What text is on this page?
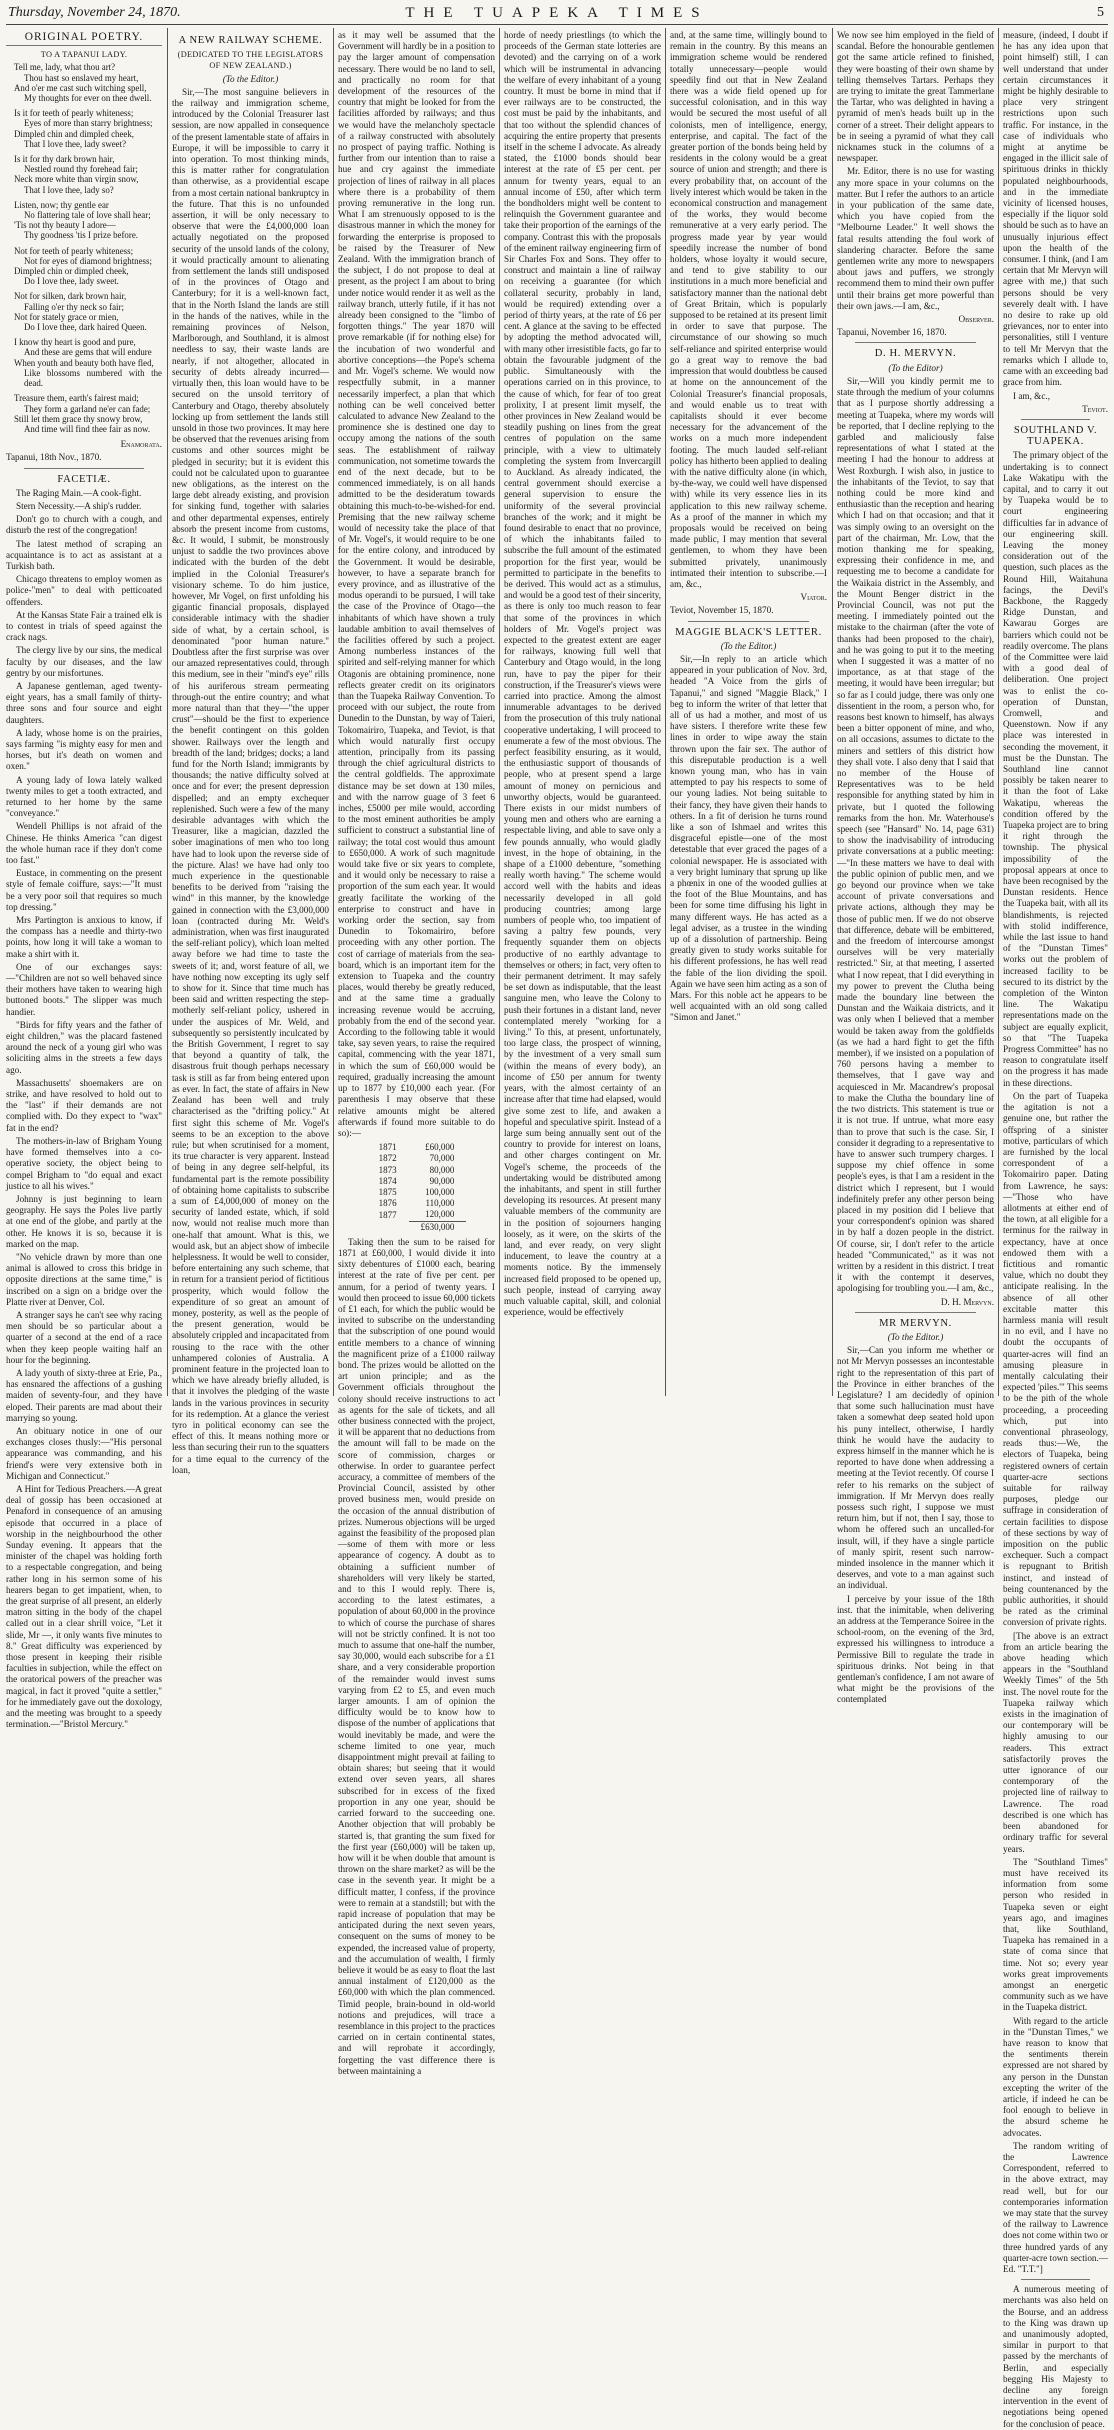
Thursday, November 24, 1870.	THE TUAPEKA TIMES	5
ORIGINAL POETRY.

TO A TAPANUI LADY.

Tell me, lady, what thou art?
Thou hast so enslaved my heart,
And o'er me cast such witching spell,
My thoughts for ever on thee dwell.
Is it for teeth of pearly whiteness;
Eyes of more than starry brightness;
Dimpled chin and dimpled cheek,
That I love thee, lady sweet?
Is it for thy dark brown hair,
Nestled round thy forehead fair;
Neck more white than virgin snow,
That I love thee, lady so?
Listen, now; thy gentle ear
No flattering tale of love shall hear;
'Tis not thy beauty I adore—
Thy goodness 'tis I prize before.
Not for teeth of pearly whiteness;
Not for eyes of diamond brightness;
Dimpled chin or dimpled cheek,
Do I love thee, lady sweet.
Not for silken, dark brown hair,
Falling o'er thy neck so fair;
Not for stately grace or mien,
Do I love thee, dark haired Queen.
I know thy heart is good and pure,
And these are gems that will endure
When youth and beauty both have fled,
Like blossoms numbered with the dead.
Treasure them, earth's fairest maid;
They form a garland ne'er can fade;
Still let them grace thy snowy brow,
And time will find thee fair as now.

Enamorata.

Tapanui, 18th Nov., 1870.

FACETIÆ.

The Raging Main.—A cook-fight.

Stern Necessity.—A ship's rudder.

Don't go to church with a cough, and disturb the rest of the congregation!

The latest method of scraping an acquaintance is to act as assistant at a Turkish bath.

Chicago threatens to employ women as police-"men" to deal with petticoated offenders.

At the Kansas State Fair a trained elk is to contest in trials of speed against the crack nags.

The clergy live by our sins, the medical faculty by our diseases, and the law gentry by our misfortunes.

A Japanese gentleman, aged twenty-eight years, has a small family of thirty-three sons and four source and eight daughters.

A lady, whose home is on the prairies, says farming "is mighty easy for men and horses, but it's death on women and oxen."

A young lady of Iowa lately walked twenty miles to get a tooth extracted, and returned to her home by the same "conveyance."

Wendell Phillips is not afraid of the Chinese. He thinks America "can digest the whole human race if they don't come too fast."

Eustace, in commenting on the present style of female coiffure, says:—"It must be a very poor soil that requires so much top dressing."

Mrs Partington is anxious to know, if the compass has a needle and thirty-two points, how long it will take a woman to make a shirt with it.

One of our exchanges says:—"Children are not so well behaved since their mothers have taken to wearing high buttoned boots." The slipper was much handier.

"Birds for fifty years and the father of eight children," was the placard fastened around the neck of a young girl who was soliciting alms in the streets a few days ago.

Massachusetts' shoemakers are on strike, and have resolved to hold out to the "last" if their demands are not complied with. Do they expect to "wax" fat in the end?

The mothers-in-law of Brigham Young have formed themselves into a co-operative society, the object being to compel Brigham to "do equal and exact justice to all his wives."

Johnny is just beginning to learn geography. He says the Poles live partly at one end of the globe, and partly at the other. He knows it is so, because it is marked on the map.

"No vehicle drawn by more than one animal is allowed to cross this bridge in opposite directions at the same time," is inscribed on a sign on a bridge over the Platte river at Denver, Col.

A stranger says he can't see why racing men should be so particular about a quarter of a second at the end of a race when they keep people waiting half an hour for the beginning.

A lady youth of sixty-three at Erie, Pa., has ensnared the affections of a gushing maiden of seventy-four, and they have eloped. Their parents are mad about their marrying so young.

An obituary notice in one of our exchanges closes thusly:—"His personal appearance was commanding, and his friend's were very extensive both in Michigan and Connecticut."

A Hint for Tedious Preachers.—A great deal of gossip has been occasioned at Penaford in consequence of an amusing episode that occurred in a place of worship in the neighbourhood the other Sunday evening. It appears that the minister of the chapel was holding forth to a respectable congregation, and being rather long in his sermon some of his hearers began to get impatient, when, to the great surprise of all present, an elderly matron sitting in the body of the chapel called out in a clear shrill voice, "Let it slide, Mr —, it only wants five minutes to 8." Great difficulty was experienced by those present in keeping their risible faculties in subjection, while the effect on the oratorical powers of the preacher was magical, in fact it proved "quite a settler," for he immediately gave out the doxology, and the meeting was brought to a speedy termination.—"Bristol Mercury."

A NEW RAILWAY SCHEME.

(DEDICATED TO THE LEGISLATORS OF NEW ZEALAND.)

(To the Editor.)

Sir,—The most sanguine believers in the railway and immigration scheme, introduced by the Colonial Treasurer last session, are now appalled in consequence of the present lamentable state of affairs in Europe, it will be impossible to carry it into operation. To most thinking minds, this is matter rather for congratulation than otherwise, as a providential escape from a most certain national bankruptcy in the future. That this is no unfounded assertion, it will be only necessary to observe that were the £4,000,000 loan actually negotiated on the proposed security of the unsold lands of the colony, it would practically amount to alienating from settlement the lands still undisposed of in the provinces of Otago and Canterbury; for it is a well-known fact, that in the North Island the lands are still in the hands of the natives, while in the remaining provinces of Nelson, Marlborough, and Southland, it is almost needless to say, their waste lands are nearly, if not altogether, allocated in security of debts already incurred—virtually then, this loan would have to be secured on the unsold territory of Canterbury and Otago, thereby absolutely locking up from settlement the lands still unsold in those two provinces. It may here be observed that the revenues arising from customs and other sources might be pledged in security; but it is evident this could not be calculated upon to guarantee new obligations, as the interest on the large debt already existing, and provision for sinking fund, together with salaries and other departmental expenses, entirely absorb the present income from customs, &c. It would, I submit, be monstrously unjust to saddle the two provinces above indicated with the burden of the debt implied in the Colonial Treasurer's visionary scheme. To do him justice, however, Mr Vogel, on first unfolding his gigantic financial proposals, displayed considerable intimacy with the shadier side of what, by a certain school, is denominated "poor human nature." Doubtless after the first surprise was over our amazed representatives could, through this medium, see in their "mind's eye" rills of his auriferous stream permeating through-out the entire country; and what more natural than that they—"the upper crust"—should be the first to experience the benefit contingent on this golden shower. Railways over the length and breadth of the land; bridges; docks; a land fund for the North Island; immigrants by thousands; the native difficulty solved at once and for ever; the present depression dispelled; and an empty exchequer replenished. Such were a few of the many desirable advantages with which the Treasurer, like a magician, dazzled the sober imaginations of men who too long have had to look upon the reverse side of the picture. Alas! we have had only too much experience in the questionable benefits to be derived from "raising the wind" in this manner, by the knowledge gained in connection with the £3,000,000 loan (contracted during Mr. Weld's administration, when was first inaugurated the self-reliant policy), which loan melted away before we had time to taste the sweets of it; and, worst feature of all, we have nothing now excepting its ugly self to show for it. Since that time much has been said and written respecting the step-motherly self-reliant policy, ushered in under the auspices of Mr. Weld, and subsequently so persistently inculcated by the British Government, I regret to say that beyond a quantity of talk, the disastrous fruit though perhaps necessary task is still as far from being entered upon as ever. In fact, the state of affairs in New Zealand has been well and truly characterised as the "drifting policy." At first sight this scheme of Mr. Vogel's seems to be an exception to the above rule; but when scrutinised for a moment, its true character is very apparent. Instead of being in any degree self-helpful, its fundamental part is the remote possibility of obtaining home capitalists to subscribe a sum of £4,000,000 of money on the security of landed estate, which, if sold now, would not realise much more than one-half that amount. What is this, we would ask, but an abject show of imbecile helplessness. It would be well to consider, before entertaining any such scheme, that in return for a transient period of fictitious prosperity, which would follow the expenditure of so great an amount of money, posterity, as well as the people of the present generation, would be absolutely crippled and incapacitated from rousing to the race with the other unhampered colonies of Australia. A prominent feature in the projected loan to which we have already briefly alluded, is that it involves the pledging of the waste lands in the various provinces in security for its redemption. At a glance the veriest tyro in political economy can see the effect of this. It means nothing more or less than securing their run to the squatters for a time equal to the currency of the loan,

as it may well be assumed that the Government will hardly be in a position to pay the larger amount of compensation necessary. There would be no land to sell, and practically no room for that development of the resources of the country that might be looked for from the facilities afforded by railways; and thus we would have the melancholy spectacle of a railway constructed with absolutely no prospect of paying traffic. Nothing is further from our intention than to raise a hue and cry against the immediate projection of lines of railway in all places where there is a probability of them proving remunerative in the long run. What I am strenuously opposed to is the disastrous manner in which the money for forwarding the enterprise is proposed to be raised by the Treasurer of New Zealand. With the immigration branch of the subject, I do not propose to deal at present, as the project I am about to bring under notice would render it as well as the railway branch, utterly futile, if it has not already been consigned to the "limbo of forgotten things." The year 1870 will prove remarkable (if for nothing else) for the incubation of two wonderful and abortive conceptions—the Pope's schema and Mr. Vogel's scheme. We would now respectfully submit, in a manner necessarily imperfect, a plan that which nothing can be well conceived better calculated to advance New Zealand to the prominence she is destined one day to occupy among the nations of the south seas. The establishment of railway communication, not sometime towards the end of the next decade, but to be commenced immediately, is on all hands admitted to be the desideratum towards obtaining this much-to-be-wished-for end. Premising that the new railway scheme would of necessity take the place of that of Mr. Vogel's, it would require to be one for the entire colony, and introduced by the Government. It would be desirable, however, to have a separate branch for every province, and as illustrative of the modus operandi to be pursued, I will take the case of the Province of Otago—the inhabitants of which have shown a truly laudable ambition to avail themselves of the facilities offered by such a project. Among numberless instances of the spirited and self-relying manner for which Otagonis are obtaining prominence, none reflects greater credit on its originators than the Tuapeka Railway Convention. To proceed with our subject, the route from Dunedin to the Dunstan, by way of Taieri, Tokomairiro, Tuapeka, and Teviot, is that which would naturally first occupy attention, principally from its passing through the chief agricultural districts to the central goldfields. The approximate distance may be set down at 130 miles, and with the narrow guage of 3 feet 6 inches, £5000 per mile would, according to the most eminent authorities be amply sufficient to construct a substantial line of railway; the total cost would thus amount to £650,000. A work of such magnitude would take five or six years to complete, and it would only be necessary to raise a proportion of the sum each year. It would greatly facilitate the working of the enterprise to construct and have in working order the section, say from Dunedin to Tokomairiro, before proceeding with any other portion. The cost of carriage of materials from the sea-board, which is an important item for the extension to Tuapeka and the country places, would thereby be greatly reduced, and at the same time a gradually increasing revenue would be accruing, probably from the end of the second year. According to the following table it would take, say seven years, to raise the required capital, commencing with the year 1871, in which the sum of £60,000 would be required, gradually increasing the amount up to 1877 by £10,000 each year. (For parenthesis I may observe that these relative amounts might be altered afterwards if found more suitable to do so):—

1871	£60,000
1872	70,000
1873	80,000
1874	90,000
1875	100,000
1876	110,000
1877	120,000
	£630,000

Taking then the sum to be raised for 1871 at £60,000, I would divide it into sixty debentures of £1000 each, bearing interest at the rate of five per cent. per annum, for a period of twenty years. I would then proceed to issue 60,000 tickets of £1 each, for which the public would be invited to subscribe on the understanding that the subscription of one pound would entitle members to a chance of winning the magnificent prize of a £1000 railway bond. The prizes would be allotted on the art union principle; and as the Government officials throughout the colony should receive instructions to act as agents for the sale of tickets, and all other business connected with the project, it will be apparent that no deductions from the amount will fall to be made on the score of commission, charges or otherwise. In order to guarantee perfect accuracy, a committee of members of the Provincial Council, assisted by other proved business men, would preside on the occasion of the annual distribution of prizes. Numerous objections will be urged against the feasibility of the proposed plan—some of them with more or less appearance of cogency. A doubt as to obtaining a sufficient number of shareholders will very likely be started, and to this I would reply. There is, according to the latest estimates, a population of about 60,000 in the province to which of course the purchase of shares will not be strictly confined. It is not too much to assume that one-half the number, say 30,000, would each subscribe for a £1 share, and a very considerable proportion of the remainder would invest sums varying from £2 to £5, and even much larger amounts. I am of opinion the difficulty would be to know how to dispose of the number of applications that would inevitably be made, and were the scheme limited to one year, much disappointment might prevail at failing to obtain shares; but seeing that it would extend over seven years, all shares subscribed for in excess of the fixed proportion in any one year, should be carried forward to the succeeding one. Another objection that will probably be started is, that granting the sum fixed for the first year (£60,000) will be taken up, how will it be when double that amount is thrown on the share market? as will be the case in the seventh year. It might be a difficult matter, I confess, if the province were to remain at a standstill; but with the rapid increase of population that may be anticipated during the next seven years, consequent on the sums of money to be expended, the increased value of property, and the accumulation of wealth, I firmly believe it would be as easy to float the last annual instalment of £120,000 as the £60,000 with which the plan commenced. Timid people, brain-bound in old-world notions and prejudices, will trace a resemblance in this project to the practices carried on in certain continental states, and will reprobate it accordingly, forgetting the vast difference there is between maintaining a

horde of needy priestlings (to which the proceeds of the German state lotteries are devoted) and the carrying on of a work which will be instrumental in advancing the welfare of every inhabitant of a young country. It must be borne in mind that if ever railways are to be constructed, the cost must be paid by the inhabitants, and that too without the splendid chances of acquiring the entire property that presents itself in the scheme I advocate. As already stated, the £1000 bonds should bear interest at the rate of £5 per cent. per annum for twenty years, equal to an annual income of £50, after which term the bondholders might well be content to relinquish the Government guarantee and take their proportion of the earnings of the company. Contrast this with the proposals of the eminent railway engineering firm of Sir Charles Fox and Sons. They offer to construct and maintain a line of railway on receiving a guarantee (for which collateral security, probably in land, would be required) extending over a period of thirty years, at the rate of £6 per cent. A glance at the saving to be effected by adopting the method advocated will, with many other irresistible facts, go far to obtain the favourable judgment of the public. Simultaneously with the operations carried on in this province, to the cause of which, for fear of too great prolixity, I at present limit myself, the other provinces in New Zealand would be steadily pushing on lines from the great centres of population on the same principle, with a view to ultimately completing the system from Invercargill to Auckland. As already indicated, the central government should exercise a general supervision to ensure the uniformity of the several provincial branches of the work; and it might be found desirable to enact that no province, of which the inhabitants failed to subscribe the full amount of the estimated proportion for the first year, would be permitted to participate in the benefits to be derived. This would act as a stimulus, and would be a good test of their sincerity, as there is only too much reason to fear that some of the provinces in which holders of Mr. Vogel's project was expected to the greatest extent are eager for railways, knowing full well that Canterbury and Otago would, in the long run, have to pay the piper for their construction, if the Treasurer's views were carried into practice. Among the almost innumerable advantages to be derived from the prosecution of this truly national cooperative undertaking, I will proceed to enumerate a few of the most obvious. The perfect feasibility ensuring, as it would, the enthusiastic support of thousands of people, who at present spend a large amount of money on pernicious and unworthy objects, would be guaranteed. There exists in our midst numbers of young men and others who are earning a respectable living, and able to save only a few pounds annually, who would gladly invest, in the hope of obtaining, in the shape of a £1000 debenture, "something really worth having." The scheme would accord well with the habits and ideas necessarily developed in all gold producing countries; among large numbers of people who, too impatient of saving a paltry few pounds, very frequently squander them on objects productive of no earthly advantage to themselves or others; in fact, very often to their permanent detriment. It may safely be set down as indisputable, that the least sanguine men, who leave the Colony to push their fortunes in a distant land, never contemplated merely "working for a living." To this, at present, unfortunately, too large class, the prospect of winning, by the investment of a very small sum (within the means of every body), an income of £50 per annum for twenty years, with the almost certainty of an increase after that time had elapsed, would give some zest to life, and awaken a hopeful and speculative spirit. Instead of a large sum being annually sent out of the country to provide for interest on loans, and other charges contingent on Mr. Vogel's scheme, the proceeds of the undertaking would be distributed among the inhabitants, and spent in still further developing its resources. At present many valuable members of the community are in the position of sojourners hanging loosely, as it were, on the skirts of the land, and ever ready, on very slight inducement, to leave the country at a moments notice. By the immensely increased field proposed to be opened up, such people, instead of carrying away much valuable capital, skill, and colonial experience, would be effectively

and, at the same time, willingly bound to remain in the country. By this means an immigration scheme would be rendered totally unnecessary—people would speedily find out that in New Zealand there was a wide field opened up for successful colonisation, and in this way would be secured the most useful of all colonists, men of intelligence, energy, enterprise, and capital. The fact of the greater portion of the bonds being held by residents in the colony would be a great source of union and strength; and there is every probability that, on account of the lively interest which would be taken in the economical construction and management of the works, they would become remunerative at a very early period. The progress made year by year would speedily increase the number of bond holders, whose loyalty it would secure, and tend to give stability to our institutions in a much more beneficial and satisfactory manner than the national debt of Great Britain, which is popularly supposed to be retained at its present limit in order to save that purpose. The circumstance of our showing so much self-reliance and spirited enterprise would go a great way to remove the bad impression that would doubtless be caused at home on the announcement of the Colonial Treasurer's financial proposals, and would enable us to treat with capitalists should it ever become necessary for the advancement of the works on a much more independent footing. The much lauded self-reliant policy has hitherto been applied to dealing with the native difficulty alone (in which, by-the-way, we could well have dispensed with) while its very essence lies in its application to this new railway scheme. As a proof of the manner in which my proposals would be received on being made public, I may mention that several gentlemen, to whom they have been submitted privately, unanimously intimated their intention to subscribe.—I am, &c.,

Viator.

Teviot, November 15, 1870.

MAGGIE BLACK'S LETTER.

(To the Editor.)

Sir,—In reply to an article which appeared in your publication of Nov. 3rd, headed "A Voice from the girls of Tapanui," and signed "Maggie Black," I beg to inform the writer of that letter that all of us had a mother, and most of us have sisters. I therefore write these few lines in order to wipe away the stain thrown upon the fair sex. The author of this disreputable production is a well known young man, who has in vain attempted to pay his respects to some of our young ladies. Not being suitable to their fancy, they have given their hands to others. In a fit of derision he turns round like a son of Ishmael and writes this disgraceful epistle—one of the most detestable that ever graced the pages of a colonial newspaper. He is associated with a very bright luminary that sprung up like a phœnix in one of the wooded gullies at the foot of the Blue Mountains, and has been for some time diffusing his light in many different ways. He has acted as a legal adviser, as a trustee in the winding up of a dissolution of partnership. Being greatly given to study works suitable for his different professions, he has well read the fable of the lion dividing the spoil. Again we have seen him acting as a son of Mars. For this noble act he appears to be well acquainted with an old song called "Simon and Janet."

We now see him employed in the field of scandal. Before the honourable gentlemen got the same article refined to finished, they were boasting of their own shame by telling themselves Tartars. Perhaps they are trying to imitate the great Tammerlane the Tartar, who was delighted in having a pyramid of men's heads built up in the corner of a street. Their delight appears to be in seeing a pyramid of what they call nicknames stuck in the columns of a newspaper.

Mr. Editor, there is no use for wasting any more space in your columns on the matter. But I refer the authors to an article in your publication of the same date, which you have copied from the "Melbourne Leader." It well shows the fatal results attending the foul work of slandering character. Before the same gentlemen write any more to newspapers about jaws and puffers, we strongly recommend them to mind their own puffer until their brains get more powerful than their own jaws.—I am, &c.,

Observer.

Tapanui, November 16, 1870.

D. H. MERVYN.

(To the Editor)

Sir,—Will you kindly permit me to state through the medium of your columns that as I purpose shortly addressing a meeting at Tuapeka, where my words will be reported, that I decline replying to the garbled and maliciously false representations of what I stated at the meeting I had the honour to address at West Roxburgh. I wish also, in justice to the inhabitants of the Teviot, to say that nothing could be more kind and enthusiastic than the reception and hearing which I had on that occasion; and that it was simply owing to an oversight on the part of the chairman, Mr. Low, that the motion thanking me for speaking, expressing their confidence in me, and requesting me to become a candidate for the Waikaia district in the Assembly, and the Mount Benger district in the Provincial Council, was not put the meeting. I immediately pointed out the mistake to the chairman (after the vote of thanks had been proposed to the chair), and he was going to put it to the meeting when I suggested it was a matter of no importance, as at that stage of the meeting, it would have been irregular; but so far as I could judge, there was only one dissentient in the room, a person who, for reasons best known to himself, has always been a bitter opponent of mine, and who, on all occasions, assumes to dictate to the miners and settlers of this district how they shall vote. I also deny that I said that no member of the House of Representatives was to be held responsible for anything stated by him in private, but I quoted the following remarks from the hon. Mr. Waterhouse's speech (see "Hansard" No. 14, page 631) to show the inadvisability of introducing private conversations at a public meeting:—"In these matters we have to deal with the public opinion of public men, and we go beyond our province when we take account of private conversations and private actions, although they may be those of public men. If we do not observe that difference, debate will be embittered, and the freedom of intercourse amongst ourselves will be very materially restricted." Sir, at that meeting, I asserted what I now repeat, that I did everything in my power to prevent the Clutha being made the boundary line between the Dunstan and the Waikaia districts, and it was only when I believed that a member would be taken away from the goldfields (as we had a hard fight to get the fifth member), if we insisted on a population of 760 persons having a member to themselves, that I gave way and acquiesced in Mr. Macandrew's proposal to make the Clutha the boundary line of the two districts. This statement is true or it is not true. If untrue, what more easy than to prove that such is the case. Sir, I consider it degrading to a representative to have to answer such trumpery charges. I suppose my chief offence in some people's eyes, is that I am a resident in the district which I represent, but I would indefinitely prefer any other person being placed in my position did I believe that your correspondent's opinion was shared in by half a dozen people in the district. Of course, sir, I don't refer to the article headed "Communicated," as it was not written by a resident in this district. I treat it with the contempt it deserves, apologising for troubling you.—I am, &c.,

D. H. Mervyn.

MR MERVYN.

(To the Editor.)

Sir,—Can you inform me whether or not Mr Mervyn possesses an incontestable right to the representation of this part of the Province in either branches of the Legislature? I am decidedly of opinion that some such hallucination must have taken a somewhat deep seated hold upon his puny intellect, otherwise, I hardly think he would have the audacity to express himself in the manner which he is reported to have done when addressing a meeting at the Teviot recently. Of course I refer to his remarks on the subject of immigration. If Mr Mervyn does really possess such right, I suppose we must return him, but if not, then I say, those to whom he offered such an uncalled-for insult, will, if they have a single particle of manly spirit, resent such narrow-minded insolence in the manner which it deserves, and vote to a man against such an individual.

I perceive by your issue of the 18th inst. that the inimitable, when delivering an address at the Temperance Soiree in the school-room, on the evening of the 3rd, expressed his willingness to introduce a Permissive Bill to regulate the trade in spirituous drinks. Not being in that gentleman's confidence, I am not aware of what might be the provisions of the contemplated

measure, (indeed, I doubt if he has any idea upon that point himself) still, I can well understand that under certain circumstances it might be highly desirable to place very stringent restrictions upon such traffic. For instance, in the case of individuals who might at anytime be engaged in the illicit sale of spirituous drinks in thickly populated neighbourhoods, and in the immediate vicinity of licensed houses, especially if the liquor sold should be such as to have an unusually injurious effect upon the health of the consumer. I think, (and I am certain that Mr Mervyn will agree with me,) that such persons should be very severely dealt with. I have no desire to rake up old grievances, nor to enter into personalities, still I venture to tell Mr Mervyn that the remarks which I allude to, came with an exceeding bad grace from him.

I am, &c.,

Teviot.

SOUTHLAND V. TUAPEKA.

The primary object of the undertaking is to connect Lake Wakatipu with the capital, and to carry it out by Tuapeka would be to court engineering difficulties far in advance of our engineering skill. Leaving the money consideration out of the question, such places as the Round Hill, Waitahuna facings, the Devil's Backbone, the Raggedy Ridge Dunstan, and Kawarau Gorges are barriers which could not be readily overcome. The plans of the Committee were laid with a good deal of deliberation. One project was to enlist the co-operation of Dunstan, Cromwell, and Queenstown. Now if any place was interested in seconding the movement, it must be the Dunstan. The Southland line cannot possibly be taken nearer to it than the foot of Lake Wakatipu, whereas the condition offered by the Tuapeka project are to bring it right through the township. The physical impossibility of the proposal appears at once to have been recognised by the Dunstan residents. Hence the Tuapeka bait, with all its blandishments, is rejected with stolid indifference, while the last issue to hand of the "Dunstan Times" works out the problem of increased facility to be secured to its district by the completion of the Winton line. The Wakatipu representations made on the subject are equally explicit, so that "The Tuapeka Progress Committee" has no reason to congratulate itself on the progress it has made in these directions.

On the part of Tuapeka the agitation is not a genuine one, but rather the offspring of a sinister motive, particulars of which are furnished by the local correspondent of a Tokomairiro paper. Dating from Lawrence, he says:—"Those who have allotments at either end of the town, at all eligible for a terminus for the railway in expectancy, have at once endowed them with a fictitious and romantic value, which no doubt they anticipate realising. In the absence of all other excitable matter this harmless mania will result in no evil, and I have no doubt the occupants of quarter-acres will find an amusing pleasure in mentally calculating their expected 'piles.'" This seems to be the pith of the whole proceeding, a proceeding which, put into conventional phraseology, reads thus:—We, the electors of Tuapeka, being registered owners of certain quarter-acre sections suitable for railway purposes, pledge our suffrage in consideration of certain facilities to dispose of these sections by way of imposition on the public exchequer. Such a compact is repugnant to British instinct, and instead of being countenanced by the public authorities, it should be rated as the criminal conversion of private rights.

[The above is an extract from an article bearing the above heading which appears in the "Southland Weekly Times" of the 5th inst. The novel route for the Tuapeka railway which exists in the imagination of our contemporary will be highly amusing to our readers. This extract satisfactorily proves the utter ignorance of our contemporary of the projected line of railway to Lawrence. The road described is one which has been abandoned for ordinary traffic for several years.

The "Southland Times" must have received its information from some person who resided in Tuapeka seven or eight years ago, and imagines that, like Southland, Tuapeka has remained in a state of coma since that time. Not so; every year works great improvements amongst an energetic community such as we have in the Tuapeka district.

With regard to the article in the "Dunstan Times," we have reason to know that the sentiments therein expressed are not shared by any person in the Dunstan excepting the writer of the article, if indeed he can be fool enough to believe in the absurd scheme he advocates.

The random writing of the Lawrence Correspondent, referred to in the above extract, may read well, but for our contemporaries information we may state that the survey of the railway to Lawrence does not come within two or three hundred yards of any quarter-acre town section.—Ed. "T.T."]

A numerous meeting of merchants was also held on the Bourse, and an address to the King was drawn up and unanimously adopted, similar in purport to that passed by the merchants of Berlin, and especially begging His Majesty to decline any foreign intervention in the event of negotiations being opened for the conclusion of peace.
